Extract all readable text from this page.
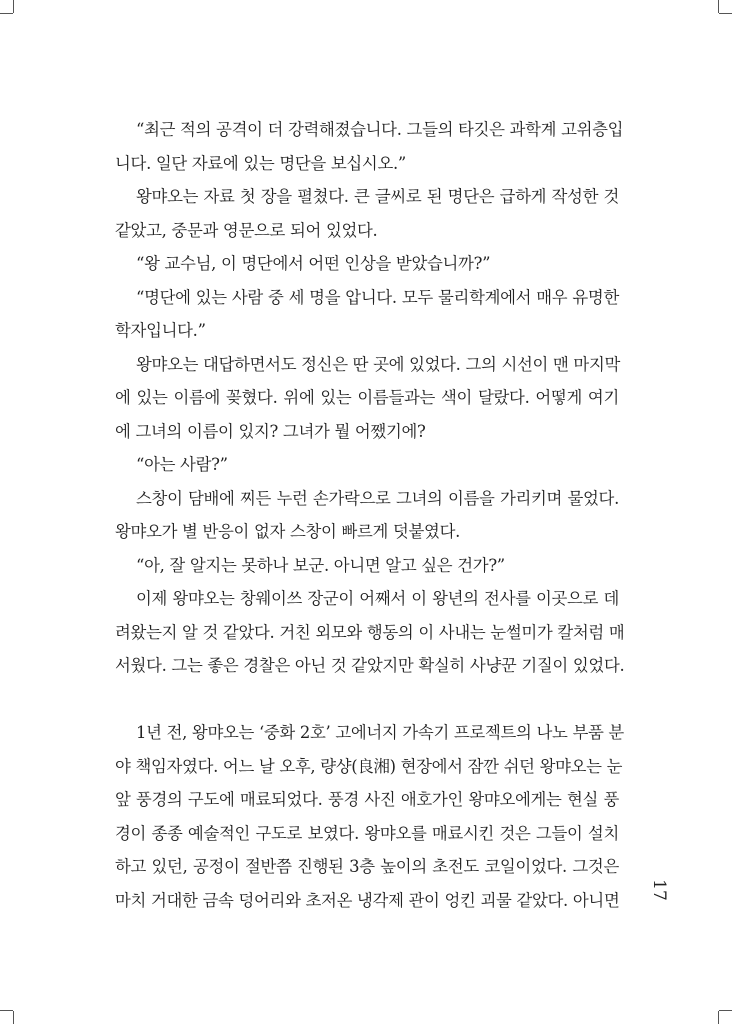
“최근 적의 공격이 더 강력해졌습니다. 그들의 타깃은 과학계 고위층입
니다. 일단 자료에 있는 명단을 보십시오.”
왕먀오는 자료 첫 장을 펼쳤다. 큰 글씨로 된 명단은 급하게 작성한 것
같았고, 중문과 영문으로 되어 있었다.
“왕 교수님, 이 명단에서 어떤 인상을 받았습니까?”
“명단에 있는 사람 중 세 명을 압니다. 모두 물리학계에서 매우 유명한
학자입니다.”
왕먀오는 대답하면서도 정신은 딴 곳에 있었다. 그의 시선이 맨 마지막
에 있는 이름에 꽂혔다. 위에 있는 이름들과는 색이 달랐다. 어떻게 여기
에 그녀의 이름이 있지? 그녀가 뭘 어쨌기에?
“아는 사람?”
스창이 담배에 찌든 누런 손가락으로 그녀의 이름을 가리키며 물었다.
왕먀오가 별 반응이 없자 스창이 빠르게 덧붙였다.
“아, 잘 알지는 못하나 보군. 아니면 알고 싶은 건가?”
이제 왕먀오는 창웨이쓰 장군이 어째서 이 왕년의 전사를 이곳으로 데
려왔는지 알 것 같았다. 거친 외모와 행동의 이 사내는 눈썰미가 칼처럼 매
서웠다. 그는 좋은 경찰은 아닌 것 같았지만 확실히 사냥꾼 기질이 있었다.
1년 전, 왕먀오는 ‘중화 2호’ 고에너지 가속기 프로젝트의 나노 부품 분
야 책임자였다. 어느 날 오후, 량샹(良湘) 현장에서 잠깐 쉬던 왕먀오는 눈
앞 풍경의 구도에 매료되었다. 풍경 사진 애호가인 왕먀오에게는 현실 풍
경이 종종 예술적인 구도로 보였다. 왕먀오를 매료시킨 것은 그들이 설치
하고 있던, 공정이 절반쯤 진행된 3층 높이의 초전도 코일이었다. 그것은
마치 거대한 금속 덩어리와 초저온 냉각제 관이 엉킨 괴물 같았다. 아니면 17
